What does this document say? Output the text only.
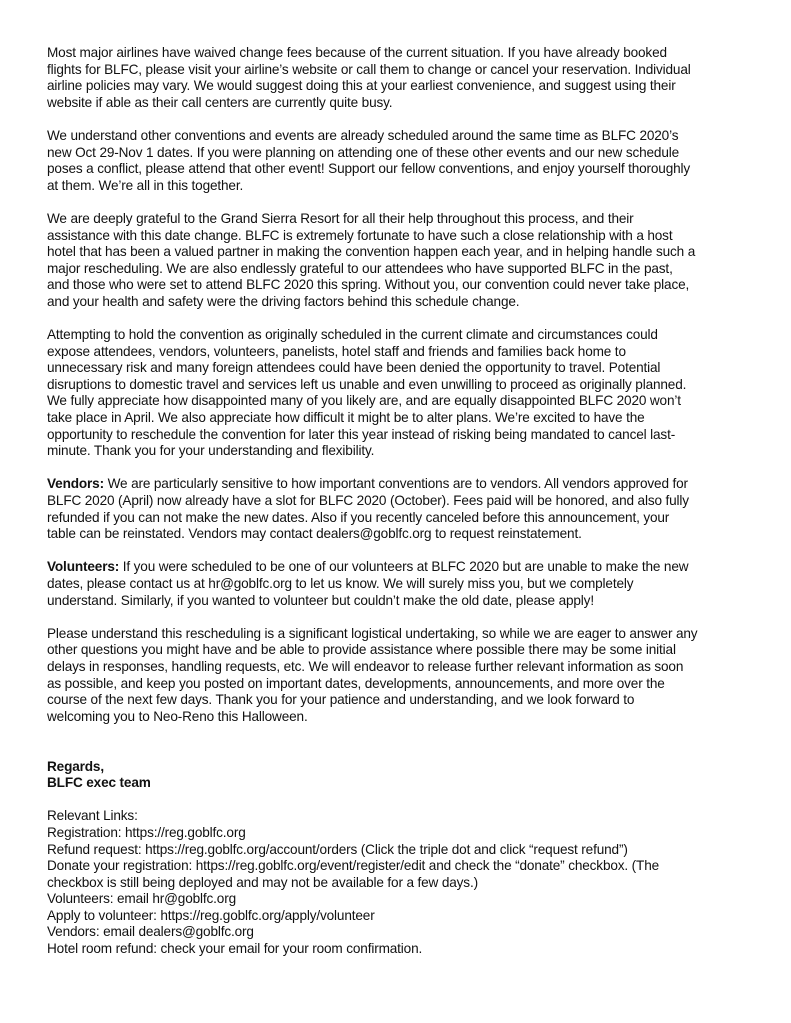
Most major airlines have waived change fees because of the current situation. If you have already booked
flights for BLFC, please visit your airline’s website or call them to change or cancel your reservation. Individual
airline policies may vary. We would suggest doing this at your earliest convenience, and suggest using their
website if able as their call centers are currently quite busy.
We understand other conventions and events are already scheduled around the same time as BLFC 2020’s
new Oct 29-Nov 1 dates. If you were planning on attending one of these other events and our new schedule
poses a conflict, please attend that other event! Support our fellow conventions, and enjoy yourself thoroughly
at them. We’re all in this together.
We are deeply grateful to the Grand Sierra Resort for all their help throughout this process, and their
assistance with this date change. BLFC is extremely fortunate to have such a close relationship with a host
hotel that has been a valued partner in making the convention happen each year, and in helping handle such a
major rescheduling. We are also endlessly grateful to our attendees who have supported BLFC in the past,
and those who were set to attend BLFC 2020 this spring. Without you, our convention could never take place,
and your health and safety were the driving factors behind this schedule change.
Attempting to hold the convention as originally scheduled in the current climate and circumstances could
expose attendees, vendors, volunteers, panelists, hotel staff and friends and families back home to
unnecessary risk and many foreign attendees could have been denied the opportunity to travel. Potential
disruptions to domestic travel and services left us unable and even unwilling to proceed as originally planned.
We fully appreciate how disappointed many of you likely are, and are equally disappointed BLFC 2020 won’t
take place in April. We also appreciate how difficult it might be to alter plans. We’re excited to have the
opportunity to reschedule the convention for later this year instead of risking being mandated to cancel last-
minute. Thank you for your understanding and flexibility.
Vendors: We are particularly sensitive to how important conventions are to vendors. All vendors approved for
BLFC 2020 (April) now already have a slot for BLFC 2020 (October). Fees paid will be honored, and also fully
refunded if you can not make the new dates. Also if you recently canceled before this announcement, your
table can be reinstated. Vendors may contact dealers@goblfc.org to request reinstatement.
Volunteers: If you were scheduled to be one of our volunteers at BLFC 2020 but are unable to make the new
dates, please contact us at hr@goblfc.org to let us know. We will surely miss you, but we completely
understand. Similarly, if you wanted to volunteer but couldn’t make the old date, please apply!
Please understand this rescheduling is a significant logistical undertaking, so while we are eager to answer any
other questions you might have and be able to provide assistance where possible there may be some initial
delays in responses, handling requests, etc. We will endeavor to release further relevant information as soon
as possible, and keep you posted on important dates, developments, announcements, and more over the
course of the next few days. Thank you for your patience and understanding, and we look forward to
welcoming you to Neo-Reno this Halloween.
Regards,
BLFC exec team
Relevant Links:
Registration: https://reg.goblfc.org
Refund request: https://reg.goblfc.org/account/orders (Click the triple dot and click “request refund”)
Donate your registration: https://reg.goblfc.org/event/register/edit and check the “donate” checkbox. (The
checkbox is still being deployed and may not be available for a few days.)
Volunteers: email hr@goblfc.org
Apply to volunteer: https://reg.goblfc.org/apply/volunteer
Vendors: email dealers@goblfc.org
Hotel room refund: check your email for your room confirmation.
